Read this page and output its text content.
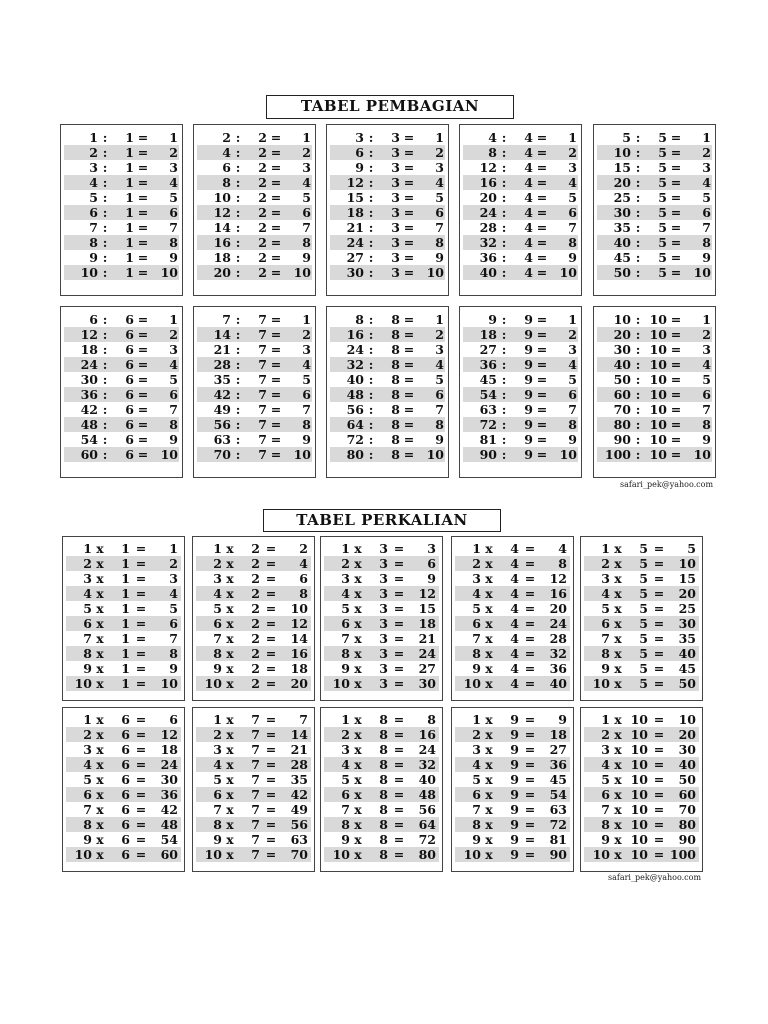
TABEL PEMBAGIAN
1 :	1 =	1
2 :	1 =	2
3 :	1 =	3
4 :	1 =	4
5 :	1 =	5
6 :	1 =	6
7 :	1 =	7
8 :	1 =	8
9 :	1 =	9
10 :	1 = 10
2 :	2 =	1
4 :	2 =	2
6 :	2 =	3
8 :	2 =	4
10 :	2 =	5
12 :	2 =	6
14 :	2 =	7
16 :	2 =	8
18 :	2 =	9
20 :	2 = 10
3 :	3 =	1
6 :	3 =	2
9 :	3 =	3
12 :	3 =	4
15 :	3 =	5
18 :	3 =	6
21 :	3 =	7
24 :	3 =	8
27 :	3 =	9
30 :	3 = 10
4 :	4 =	1
8 :	4 =	2
12 :	4 =	3
16 :	4 =	4
20 :	4 =	5
24 :	4 =	6
28 :	4 =	7
32 :	4 =	8
36 :	4 =	9
40 :	4 = 10
5 :	5 =	1
10 :	5 =	2
15 :	5 =	3
20 :	5 =	4
25 :	5 =	5
30 :	5 =	6
35 :	5 =	7
40 :	5 =	8
45 :	5 =	9
50 :	5 = 10
6 :	6 =	1
12 :	6 =	2
18 :	6 =	3
24 :	6 =	4
30 :	6 =	5
36 :	6 =	6
42 :	6 =	7
48 :	6 =	8
54 :	6 =	9
60 :	6 = 10
7 :	7 =	1
14 :	7 =	2
21 :	7 =	3
28 :	7 =	4
35 :	7 =	5
42 :	7 =	6
49 :	7 =	7
56 :	7 =	8
63 :	7 =	9
70 :	7 = 10
8 :	8 =	1
16 :	8 =	2
24 :	8 =	3
32 :	8 =	4
40 :	8 =	5
48 :	8 =	6
56 :	8 =	7
64 :	8 =	8
72 :	8 =	9
80 :	8 = 10
9 :	9 =	1
18 :	9 =	2
27 :	9 =	3
36 :	9 =	4
45 :	9 =	5
54 :	9 =	6
63 :	9 =	7
72 :	9 =	8
81 :	9 =	9
90 :	9 = 10
10 : 10 =	1
20 : 10 =	2
30 : 10 =	3
40 : 10 =	4
50 : 10 =	5
60 : 10 =	6
70 : 10 =	7
80 : 10 =	8
90 : 10 =	9
100 : 10 = 10
safari_pek@yahoo.com
TABEL PERKALIAN
1 x	1 =	1
2 x	1 =	2
3 x	1 =	3
4 x	1 =	4
5 x	1 =	5
6 x	1 =	6
7 x	1 =	7
8 x	1 =	8
9 x	1 =	9
10 x	1 =	10
1 x	2 =	2
2 x	2 =	4
3 x	2 =	6
4 x	2 =	8
5 x	2 =	10
6 x	2 =	12
7 x	2 =	14
8 x	2 =	16
9 x	2 =	18
10 x	2 =	20
1 x	3 =	3
2 x	3 =	6
3 x	3 =	9
4 x	3 =	12
5 x	3 =	15
6 x	3 =	18
7 x	3 =	21
8 x	3 =	24
9 x	3 =	27
10 x	3 =	30
1 x	4 =	4
2 x	4 =	8
3 x	4 =	12
4 x	4 =	16
5 x	4 =	20
6 x	4 =	24
7 x	4 =	28
8 x	4 =	32
9 x	4 =	36
10 x	4 =	40
1 x	5 =	5
2 x	5 =	10
3 x	5 =	15
4 x	5 =	20
5 x	5 =	25
6 x	5 =	30
7 x	5 =	35
8 x	5 =	40
9 x	5 =	45
10 x	5 =	50
1 x	6 =	6
2 x	6 =	12
3 x	6 =	18
4 x	6 =	24
5 x	6 =	30
6 x	6 =	36
7 x	6 =	42
8 x	6 =	48
9 x	6 =	54
10 x	6 =	60
1 x	7 =	7
2 x	7 =	14
3 x	7 =	21
4 x	7 =	28
5 x	7 =	35
6 x	7 =	42
7 x	7 =	49
8 x	7 =	56
9 x	7 =	63
10 x	7 =	70
1 x	8 =	8
2 x	8 =	16
3 x	8 =	24
4 x	8 =	32
5 x	8 =	40
6 x	8 =	48
7 x	8 =	56
8 x	8 =	64
9 x	8 =	72
10 x	8 =	80
1 x	9 =	9
2 x	9 =	18
3 x	9 =	27
4 x	9 =	36
5 x	9 =	45
6 x	9 =	54
7 x	9 =	63
8 x	9 =	72
9 x	9 =	81
10 x	9 =	90
1 x 10 =	10
2 x 10 =	20
3 x 10 =	30
4 x 10 =	40
5 x 10 =	50
6 x 10 =	60
7 x 10 =	70
8 x 10 =	80
9 x 10 =	90
10 x 10 = 100
safari_pek@yahoo.com
